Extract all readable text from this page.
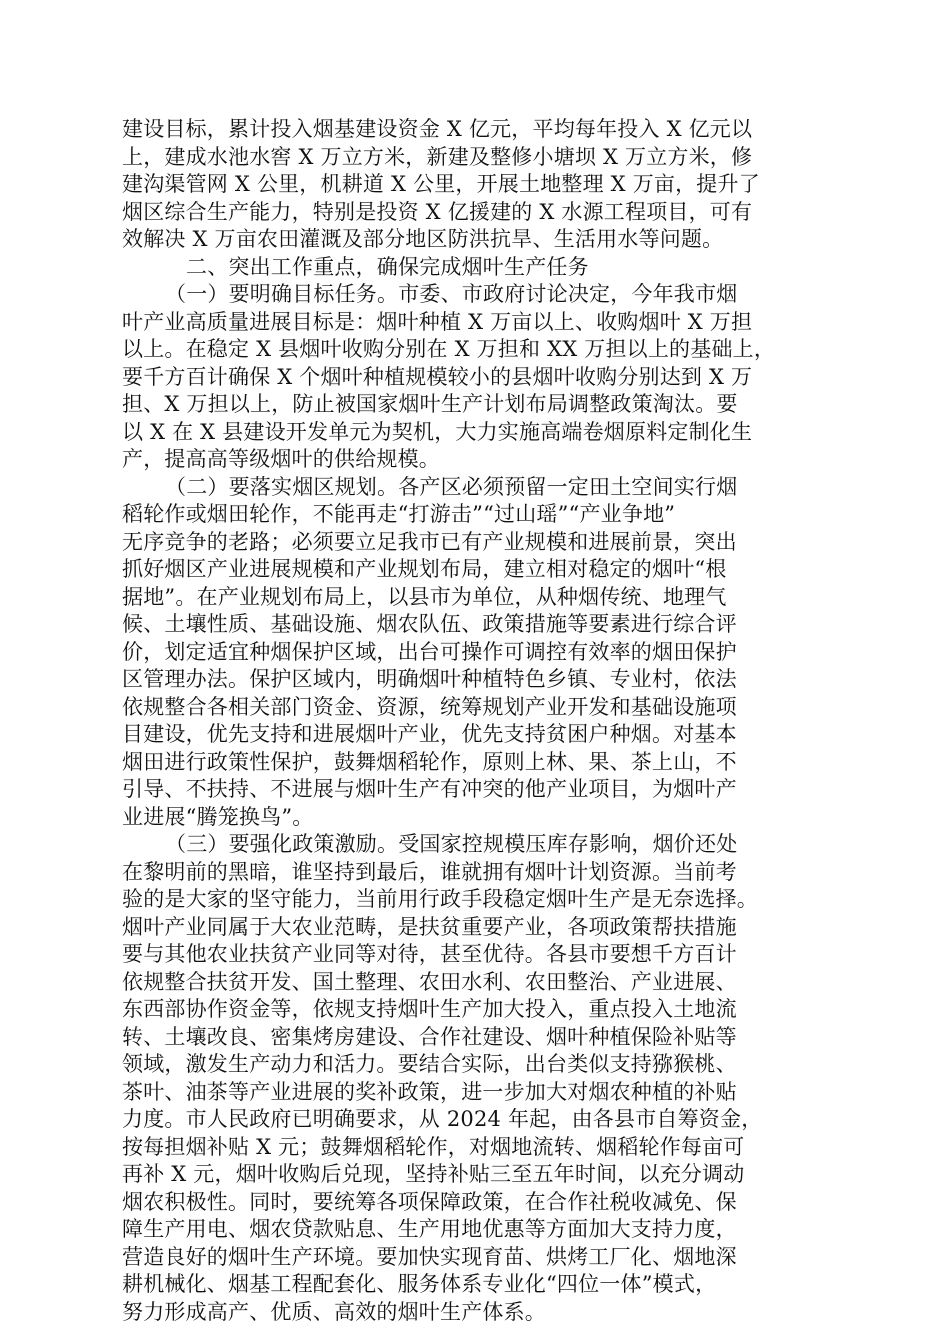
建设目标，累计投入烟基建设资金 X 亿元，平均每年投入 X 亿元以
上，建成水池水窖 X 万立方米，新建及整修小塘坝 X 万立方米，修
建沟渠管网 X 公里，机耕道 X 公里，开展土地整理 X 万亩，提升了
烟区综合生产能力，特别是投资 X 亿援建的 X 水源工程项目，可有
效解决 X 万亩农田灌溉及部分地区防洪抗旱、生活用水等问题。
二、突出工作重点，确保完成烟叶生产任务
（一）要明确目标任务。市委、市政府讨论决定，今年我市烟
叶产业高质量进展目标是：烟叶种植 X 万亩以上、收购烟叶 X 万担
以上。在稳定 X 县烟叶收购分别在 X 万担和 XX 万担以上的基础上，
要千方百计确保 X 个烟叶种植规模较小的县烟叶收购分别达到 X 万
担、X 万担以上，防止被国家烟叶生产计划布局调整政策淘汰。要
以 X 在 X 县建设开发单元为契机，大力实施高端卷烟原料定制化生
产，提高高等级烟叶的供给规模。
（二）要落实烟区规划。各产区必须预留一定田土空间实行烟
稻轮作或烟田轮作，不能再走“打游击”“过山瑶”“产业争地”
无序竞争的老路；必须要立足我市已有产业规模和进展前景，突出
抓好烟区产业进展规模和产业规划布局，建立相对稳定的烟叶“根
据地”。在产业规划布局上，以县市为单位，从种烟传统、地理气
候、土壤性质、基础设施、烟农队伍、政策措施等要素进行综合评
价，划定适宜种烟保护区域，出台可操作可调控有效率的烟田保护
区管理办法。保护区域内，明确烟叶种植特色乡镇、专业村，依法
依规整合各相关部门资金、资源，统筹规划产业开发和基础设施项
目建设，优先支持和进展烟叶产业，优先支持贫困户种烟。对基本
烟田进行政策性保护，鼓舞烟稻轮作，原则上林、果、茶上山，不
引导、不扶持、不进展与烟叶生产有冲突的他产业项目，为烟叶产
业进展“腾笼换鸟”。
（三）要强化政策激励。受国家控规模压库存影响，烟价还处
在黎明前的黑暗，谁坚持到最后，谁就拥有烟叶计划资源。当前考
验的是大家的坚守能力，当前用行政手段稳定烟叶生产是无奈选择。
烟叶产业同属于大农业范畴，是扶贫重要产业，各项政策帮扶措施
要与其他农业扶贫产业同等对待，甚至优待。各县市要想千方百计
依规整合扶贫开发、国土整理、农田水利、农田整治、产业进展、
东西部协作资金等，依规支持烟叶生产加大投入，重点投入土地流
转、土壤改良、密集烤房建设、合作社建设、烟叶种植保险补贴等
领域，激发生产动力和活力。要结合实际，出台类似支持猕猴桃、
茶叶、油茶等产业进展的奖补政策，进一步加大对烟农种植的补贴
力度。市人民政府已明确要求，从 2024 年起，由各县市自筹资金，
按每担烟补贴 X 元；鼓舞烟稻轮作，对烟地流转、烟稻轮作每亩可
再补 X 元，烟叶收购后兑现，坚持补贴三至五年时间，以充分调动
烟农积极性。同时，要统筹各项保障政策，在合作社税收减免、保
障生产用电、烟农贷款贴息、生产用地优惠等方面加大支持力度，
营造良好的烟叶生产环境。要加快实现育苗、烘烤工厂化、烟地深
耕机械化、烟基工程配套化、服务体系专业化“四位一体”模式，
努力形成高产、优质、高效的烟叶生产体系。
